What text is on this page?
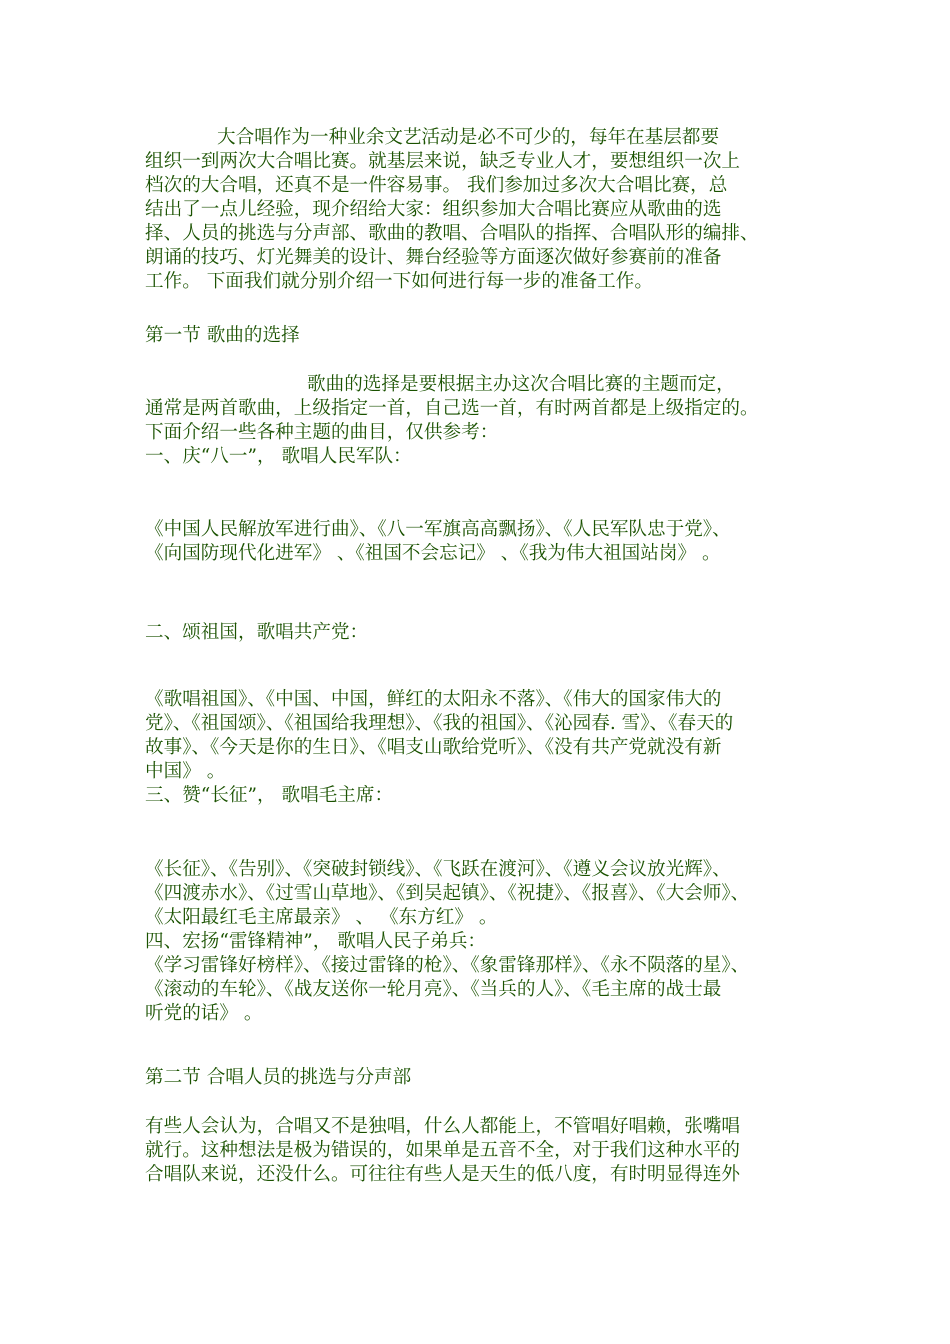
大合唱作为一种业余文艺活动是必不可少的，每年在基层都要
组织一到两次大合唱比赛。就基层来说，缺乏专业人才，要想组织一次上
档次的大合唱，还真不是一件容易事。 我们参加过多次大合唱比赛，总
结出了一点儿经验，现介绍给大家：组织参加大合唱比赛应从歌曲的选
择、人员的挑选与分声部、歌曲的教唱、合唱队的指挥、合唱队形的编排、
朗诵的技巧、灯光舞美的设计、舞台经验等方面逐次做好参赛前的准备
工作。 下面我们就分别介绍一下如何进行每一步的准备工作。
第一节 歌曲的选择
歌曲的选择是要根据主办这次合唱比赛的主题而定，
通常是两首歌曲，上级指定一首，自己选一首，有时两首都是上级指定的。
下面介绍一些各种主题的曲目，仅供参考：
一、庆“八一”， 歌唱人民军队：
《中国人民解放军进行曲》、《八一军旗高高飘扬》、《人民军队忠于党》、
《向国防现代化进军》 、《祖国不会忘记》 、《我为伟大祖国站岗》 。
二、颂祖国，歌唱共产党：
《歌唱祖国》、《中国、中国，鲜红的太阳永不落》、《伟大的国家伟大的
党》、《祖国颂》、《祖国给我理想》、《我的祖国》、《沁园春. 雪》、《春天的
故事》、《今天是你的生日》、《唱支山歌给党听》、《没有共产党就没有新
中国》 。
三、赞“长征”， 歌唱毛主席：
《长征》、《告别》、《突破封锁线》、《飞跃在渡河》、《遵义会议放光辉》、
《四渡赤水》、《过雪山草地》、《到吴起镇》、《祝捷》、《报喜》、《大会师》、
《太阳最红毛主席最亲》 、 《东方红》 。
四、宏扬“雷锋精神”， 歌唱人民子弟兵：
《学习雷锋好榜样》、《接过雷锋的枪》、《象雷锋那样》、《永不陨落的星》、
《滚动的车轮》、《战友送你一轮月亮》、《当兵的人》、《毛主席的战士最
听党的话》 。
第二节 合唱人员的挑选与分声部
有些人会认为，合唱又不是独唱，什么人都能上，不管唱好唱赖，张嘴唱
就行。这种想法是极为错误的，如果单是五音不全，对于我们这种水平的
合唱队来说，还没什么。可往往有些人是天生的低八度，有时明显得连外
